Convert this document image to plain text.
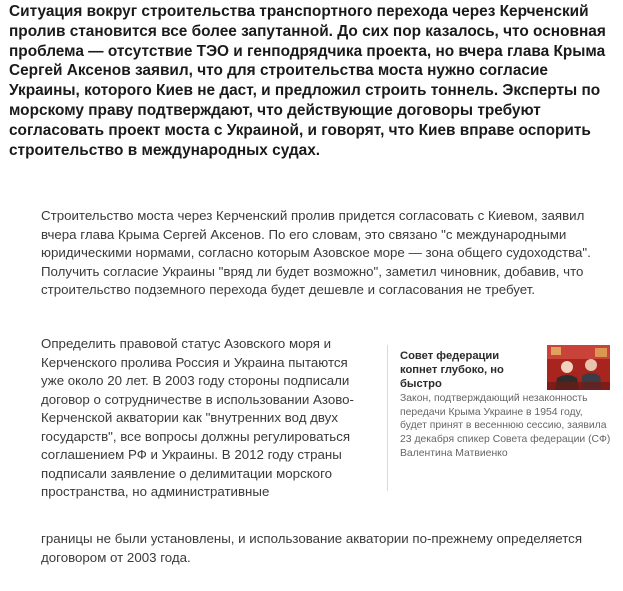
Ситуация вокруг строительства транспортного перехода через Керченский пролив становится все более запутанной. До сих пор казалось, что основная проблема — отсутствие ТЭО и генподрядчика проекта, но вчера глава Крыма Сергей Аксенов заявил, что для строительства моста нужно согласие Украины, которого Киев не даст, и предложил строить тоннель. Эксперты по морскому праву подтверждают, что действующие договоры требуют согласовать проект моста с Украиной, и говорят, что Киев вправе оспорить строительство в международных судах.

Строительство моста через Керченский пролив придется согласовать с Киевом, заявил вчера глава Крыма Сергей Аксенов. По его словам, это связано "с международными юридическими нормами, согласно которым Азовское море — зона общего судоходства". Получить согласие Украины "вряд ли будет возможно", заметил чиновник, добавив, что строительство подземного перехода будет дешевле и согласования не требует.

Определить правовой статус Азовского моря и Керченского пролива Россия и Украина пытаются уже около 20 лет. В 2003 году стороны подписали договор о сотрудничестве в использовании Азово-Керченской акватории как "внутренних вод двух государств", все вопросы должны регулироваться соглашением РФ и Украины. В 2012 году страны подписали заявление о делимитации морского пространства, но административные

границы не были установлены, и использование акватории по-прежнему определяется договором от 2003 года.

Совет федерации копнет глубоко, но быстро

Закон, подтверждающий незаконность передачи Крыма Украине в 1954 году, будет принят в весеннюю сессию, заявила 23 декабря спикер Совета федерации (СФ) Валентина Матвиенко
